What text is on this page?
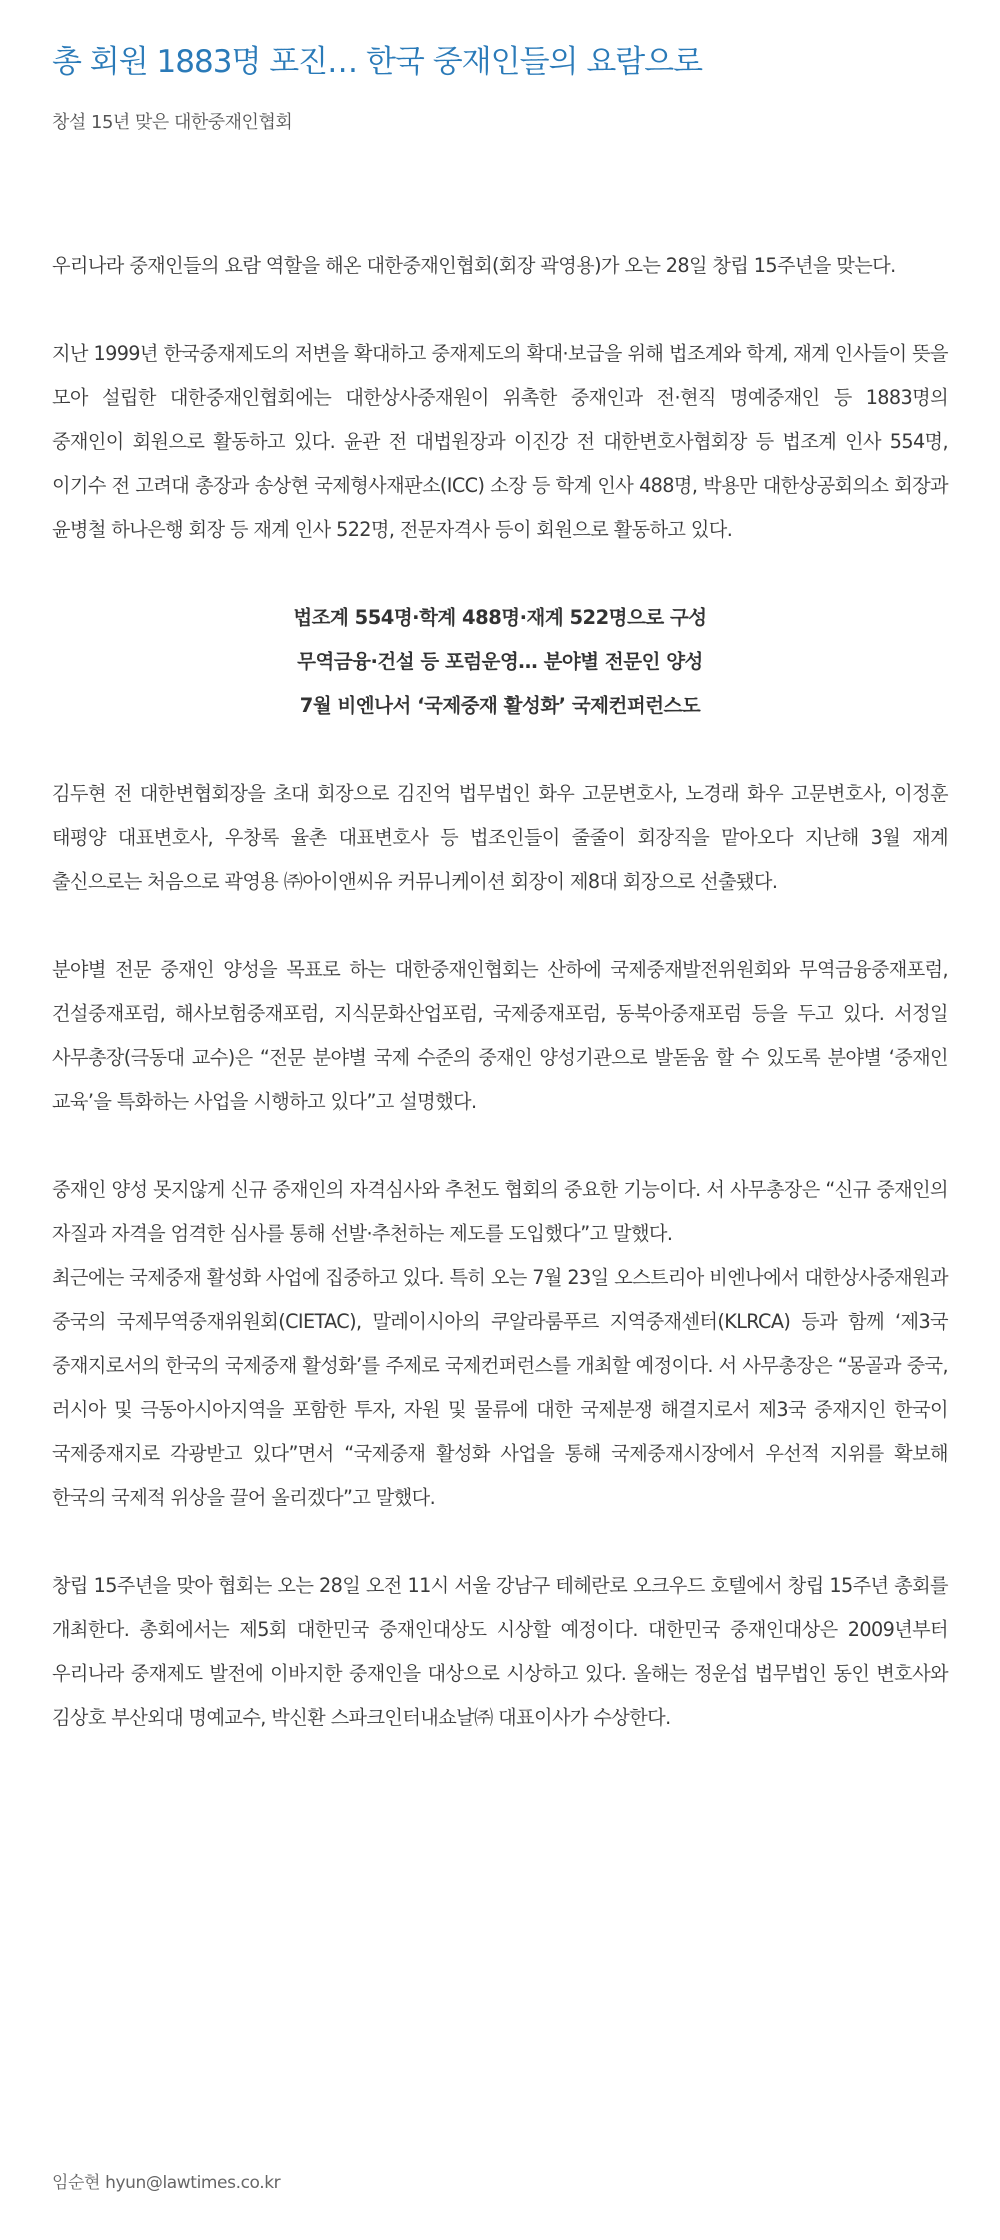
총 회원 1883명 포진… 한국 중재인들의 요람으로

창설 15년 맞은 대한중재인협회

우리나라 중재인들의 요람 역할을 해온 대한중재인협회(회장 곽영용)가 오는 28일 창립 15주년을 맞는다.

지난 1999년 한국중재제도의 저변을 확대하고 중재제도의 확대·보급을 위해 법조계와 학계, 재계 인사들이 뜻을 모아 설립한 대한중재인협회에는 대한상사중재원이 위촉한 중재인과 전·현직 명예중재인 등 1883명의 중재인이 회원으로 활동하고 있다. 윤관 전 대법원장과 이진강 전 대한변호사협회장 등 법조계 인사 554명, 이기수 전 고려대 총장과 송상현 국제형사재판소(ICC) 소장 등 학계 인사 488명, 박용만 대한상공회의소 회장과 윤병철 하나은행 회장 등 재계 인사 522명, 전문자격사 등이 회원으로 활동하고 있다.

법조계 554명·학계 488명·재계 522명으로 구성
무역금융·건설 등 포럼운영… 분야별 전문인 양성
7월 비엔나서 ‘국제중재 활성화’ 국제컨퍼런스도

김두현 전 대한변협회장을 초대 회장으로 김진억 법무법인 화우 고문변호사, 노경래 화우 고문변호사, 이정훈 태평양 대표변호사, 우창록 율촌 대표변호사 등 법조인들이 줄줄이 회장직을 맡아오다 지난해 3월 재계 출신으로는 처음으로 곽영용 ㈜아이앤씨유 커뮤니케이션 회장이 제8대 회장으로 선출됐다.

분야별 전문 중재인 양성을 목표로 하는 대한중재인협회는 산하에 국제중재발전위원회와 무역금융중재포럼, 건설중재포럼, 해사보험중재포럼, 지식문화산업포럼, 국제중재포럼, 동북아중재포럼 등을 두고 있다. 서정일 사무총장(극동대 교수)은 “전문 분야별 국제 수준의 중재인 양성기관으로 발돋움 할 수 있도록 분야별 ‘중재인 교육’을 특화하는 사업을 시행하고 있다”고 설명했다.

중재인 양성 못지않게 신규 중재인의 자격심사와 추천도 협회의 중요한 기능이다. 서 사무총장은 “신규 중재인의 자질과 자격을 엄격한 심사를 통해 선발·추천하는 제도를 도입했다”고 말했다.

최근에는 국제중재 활성화 사업에 집중하고 있다. 특히 오는 7월 23일 오스트리아 비엔나에서 대한상사중재원과 중국의 국제무역중재위원회(CIETAC), 말레이시아의 쿠알라룸푸르 지역중재센터(KLRCA) 등과 함께 ‘제3국 중재지로서의 한국의 국제중재 활성화’를 주제로 국제컨퍼런스를 개최할 예정이다. 서 사무총장은 “몽골과 중국, 러시아 및 극동아시아지역을 포함한 투자, 자원 및 물류에 대한 국제분쟁 해결지로서 제3국 중재지인 한국이 국제중재지로 각광받고 있다”면서 “국제중재 활성화 사업을 통해 국제중재시장에서 우선적 지위를 확보해 한국의 국제적 위상을 끌어 올리겠다”고 말했다.

창립 15주년을 맞아 협회는 오는 28일 오전 11시 서울 강남구 테헤란로 오크우드 호텔에서 창립 15주년 총회를 개최한다. 총회에서는 제5회 대한민국 중재인대상도 시상할 예정이다. 대한민국 중재인대상은 2009년부터 우리나라 중재제도 발전에 이바지한 중재인을 대상으로 시상하고 있다. 올해는 정운섭 법무법인 동인 변호사와 김상호 부산외대 명예교수, 박신환 스파크인터내쇼날㈜ 대표이사가 수상한다.

임순현 hyun@lawtimes.co.kr
